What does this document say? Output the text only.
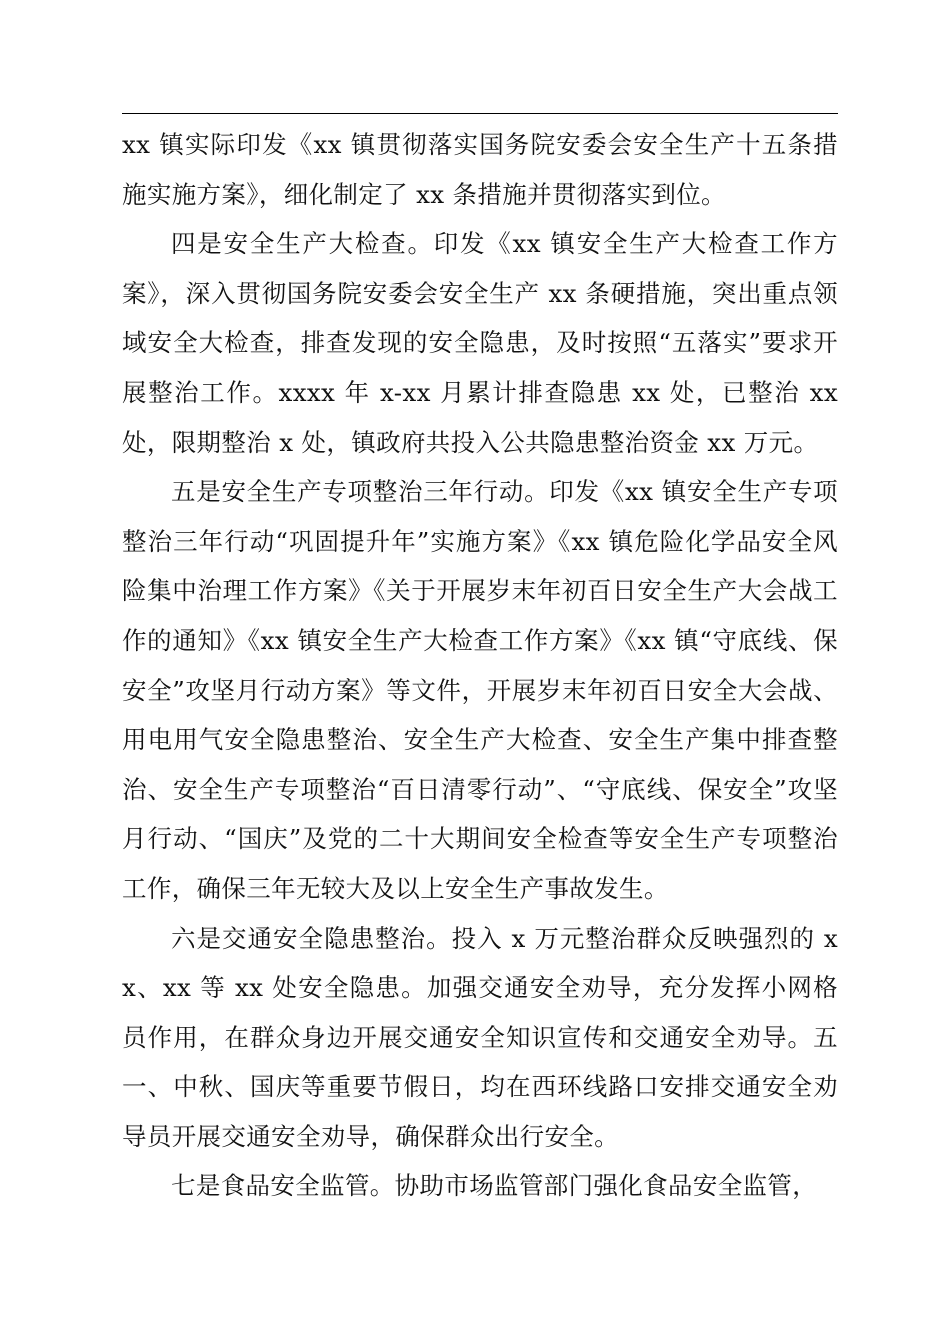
xx 镇实际印发《xx 镇贯彻落实国务院安委会安全生产十五条措施实施方案》，细化制定了 xx 条措施并贯彻落实到位。

四是安全生产大检查。印发《xx 镇安全生产大检查工作方案》，深入贯彻国务院安委会安全生产 xx 条硬措施，突出重点领域安全大检查，排查发现的安全隐患，及时按照“五落实”要求开展整治工作。xxxx 年 x-xx 月累计排查隐患 xx 处，已整治 xx 处，限期整治 x 处，镇政府共投入公共隐患整治资金 xx 万元。

五是安全生产专项整治三年行动。印发《xx 镇安全生产专项整治三年行动“巩固提升年”实施方案》《xx 镇危险化学品安全风险集中治理工作方案》《关于开展岁末年初百日安全生产大会战工作的通知》《xx 镇安全生产大检查工作方案》《xx 镇“守底线、保安全”攻坚月行动方案》等文件，开展岁末年初百日安全大会战、用电用气安全隐患整治、安全生产大检查、安全生产集中排查整治、安全生产专项整治“百日清零行动”、“守底线、保安全”攻坚月行动、“国庆”及党的二十大期间安全检查等安全生产专项整治工作，确保三年无较大及以上安全生产事故发生。

六是交通安全隐患整治。投入 x 万元整治群众反映强烈的 xx、xx 等 xx 处安全隐患。加强交通安全劝导，充分发挥小网格员作用，在群众身边开展交通安全知识宣传和交通安全劝导。五一、中秋、国庆等重要节假日，均在西环线路口安排交通安全劝导员开展交通安全劝导，确保群众出行安全。

七是食品安全监管。协助市场监管部门强化食品安全监管，
